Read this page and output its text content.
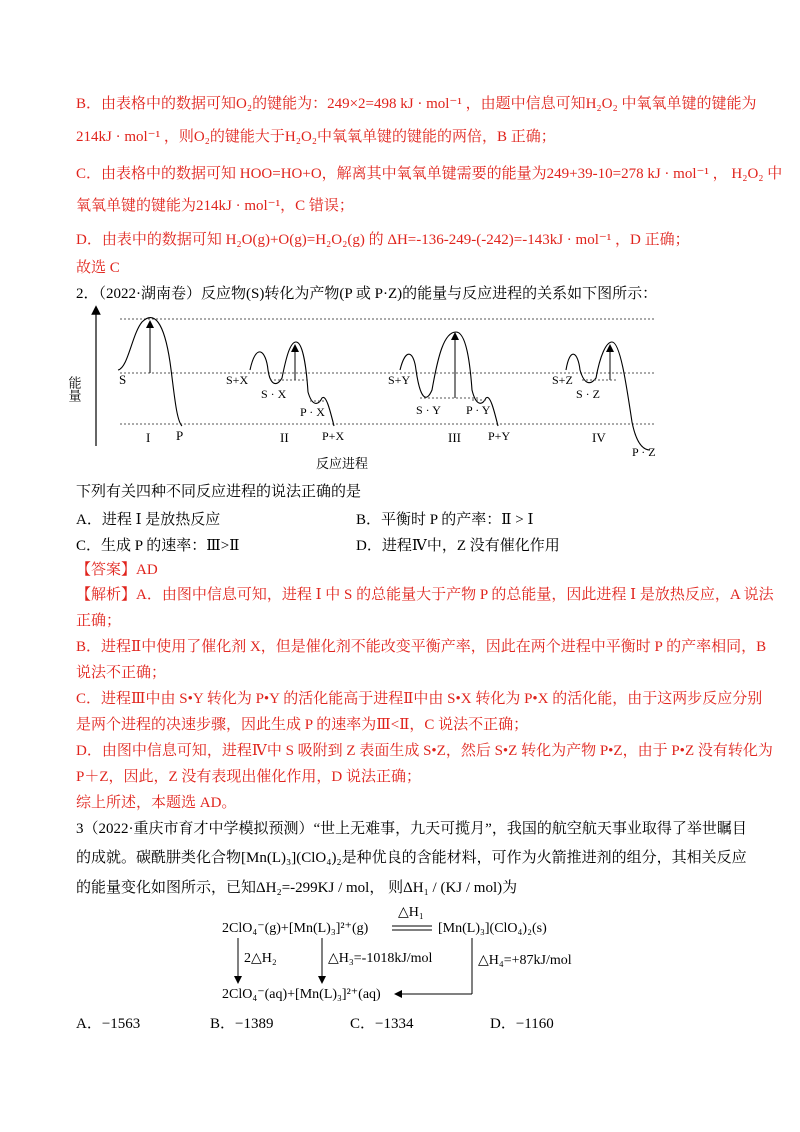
B．由表格中的数据可知O₂的键能为：249×2=498 kJ · mol⁻¹ ，由题中信息可知H₂O₂ 中氧氧单键的键能为
214kJ · mol⁻¹ ，则O₂的键能大于H₂O₂中氧氧单键的键能的两倍，B 正确；
C．由表格中的数据可知 HOO=HO+O，解离其中氧氧单键需要的能量为249+39-10=278 kJ · mol⁻¹ ， H₂O₂ 中
氧氧单键的键能为214kJ · mol⁻¹，C 错误；
D．由表中的数据可知 H₂O(g)+O(g)=H₂O₂(g) 的 ΔH=-136-249-(-242)=-143kJ · mol⁻¹ ，D 正确；
故选 C
2．（2022·湖南卷）反应物(S)转化为产物(P 或 P·Z)的能量与反应进程的关系如下图所示：
能量	S
P
S+X
S · X
P · X
P+X
S+Y
S · Y P · Y
P+Y
S+Z
S · Z
P · Z
I	II	III	IV
反应进程
下列有关四种不同反应进程的说法正确的是
A．进程 Ⅰ 是放热反应	B．平衡时 P 的产率：Ⅱ > Ⅰ
C．生成 P 的速率：Ⅲ>Ⅱ	D．进程Ⅳ中，Z 没有催化作用
【答案】AD
【解析】A．由图中信息可知，进程 Ⅰ 中 S 的总能量大于产物 P 的总能量，因此进程 Ⅰ 是放热反应，A 说法
正确；
B．进程Ⅱ中使用了催化剂 X，但是催化剂不能改变平衡产率，因此在两个进程中平衡时 P 的产率相同，B
说法不正确；
C．进程Ⅲ中由 S•Y 转化为 P•Y 的活化能高于进程Ⅱ中由 S•X 转化为 P•X 的活化能，由于这两步反应分别
是两个进程的决速步骤，因此生成 P 的速率为Ⅲ<Ⅱ，C 说法不正确；
D．由图中信息可知，进程Ⅳ中 S 吸附到 Z 表面生成 S•Z，然后 S•Z 转化为产物 P•Z，由于 P•Z 没有转化为
P＋Z，因此，Z 没有表现出催化作用，D 说法正确；
综上所述，本题选 AD。
3（2022·重庆市育才中学模拟预测）“世上无难事，九天可揽月”，我国的航空航天事业取得了举世瞩目
的成就。碳酰肼类化合物[Mn(L)₃](ClO₄)₂是种优良的含能材料，可作为火箭推进剂的组分，其相关反应
的能量变化如图所示，已知ΔH₂=-299KJ / mol， 则ΔH₁ / (KJ / mol)为
2ClO₄⁻(g)+[Mn(L)₃]²⁺(g)
△H₁
[Mn(L)₃](ClO₄)₂(s)
2△H₂	△H₃=-1018kJ/mol	△H₄=+87kJ/mol
2ClO₄⁻(aq)+[Mn(L)₃]²⁺(aq)
A．−1563	B．−1389	C．−1334	D．−1160
